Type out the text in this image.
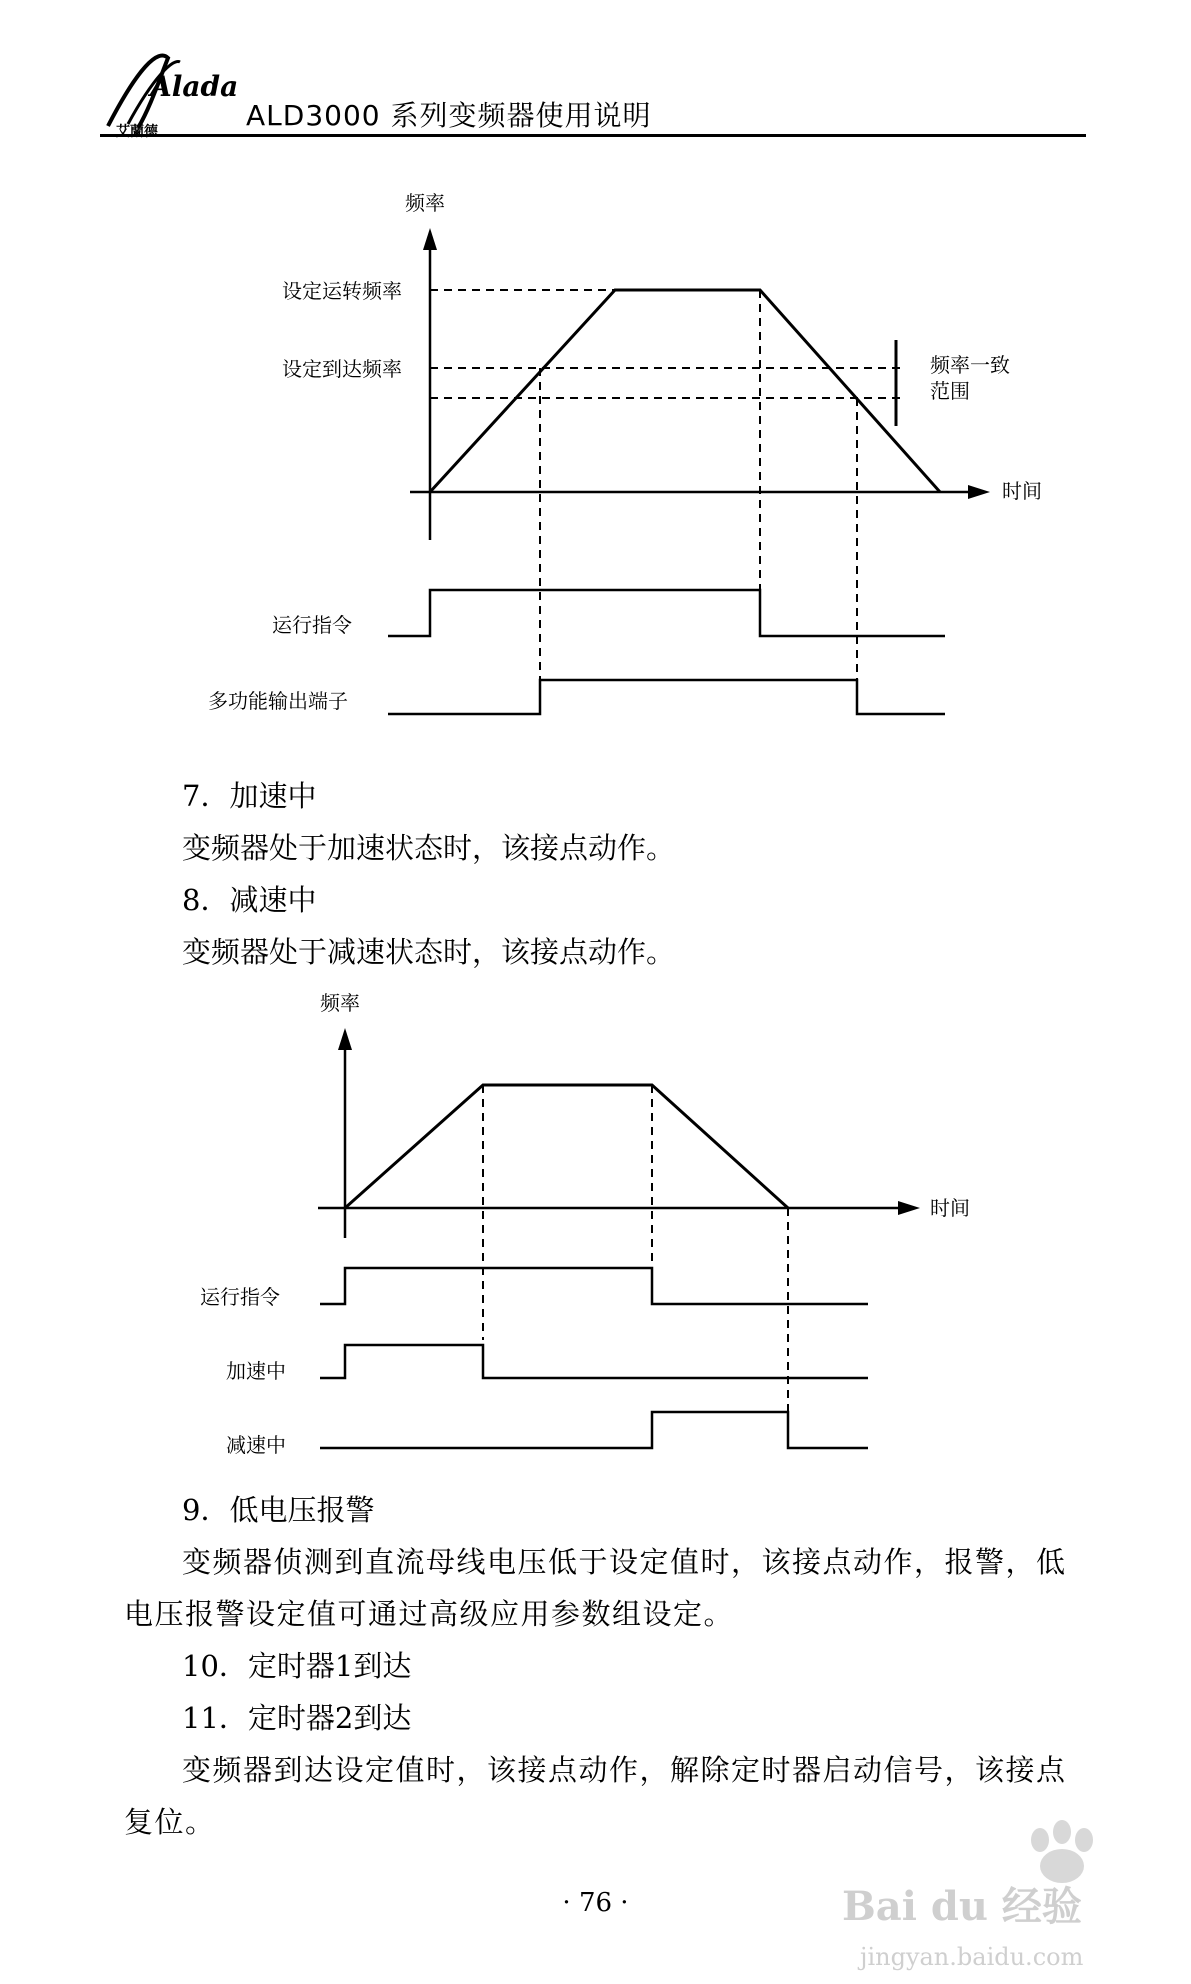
Alada
艾蘭德	ALD3000 系列变频器使用说明
频率
时间
设定运转频率
设定到达频率	频率一致
范围
运行指令
多功能输出端子
7．加速中
变频器处于加速状态时，该接点动作。
8．减速中
变频器处于减速状态时，该接点动作。
频率
时间
运行指令
加速中
减速中
9．低电压报警
变频器侦测到直流母线电压低于设定值时，该接点动作，报警，低电压报警设定值可通过高级应用参数组设定。
10．定时器1到达
11．定时器2到达
变频器到达设定值时，该接点动作，解除定时器启动信号，该接点复位。
· 76 ·	Bai du 经验
jingyan.baidu.com
